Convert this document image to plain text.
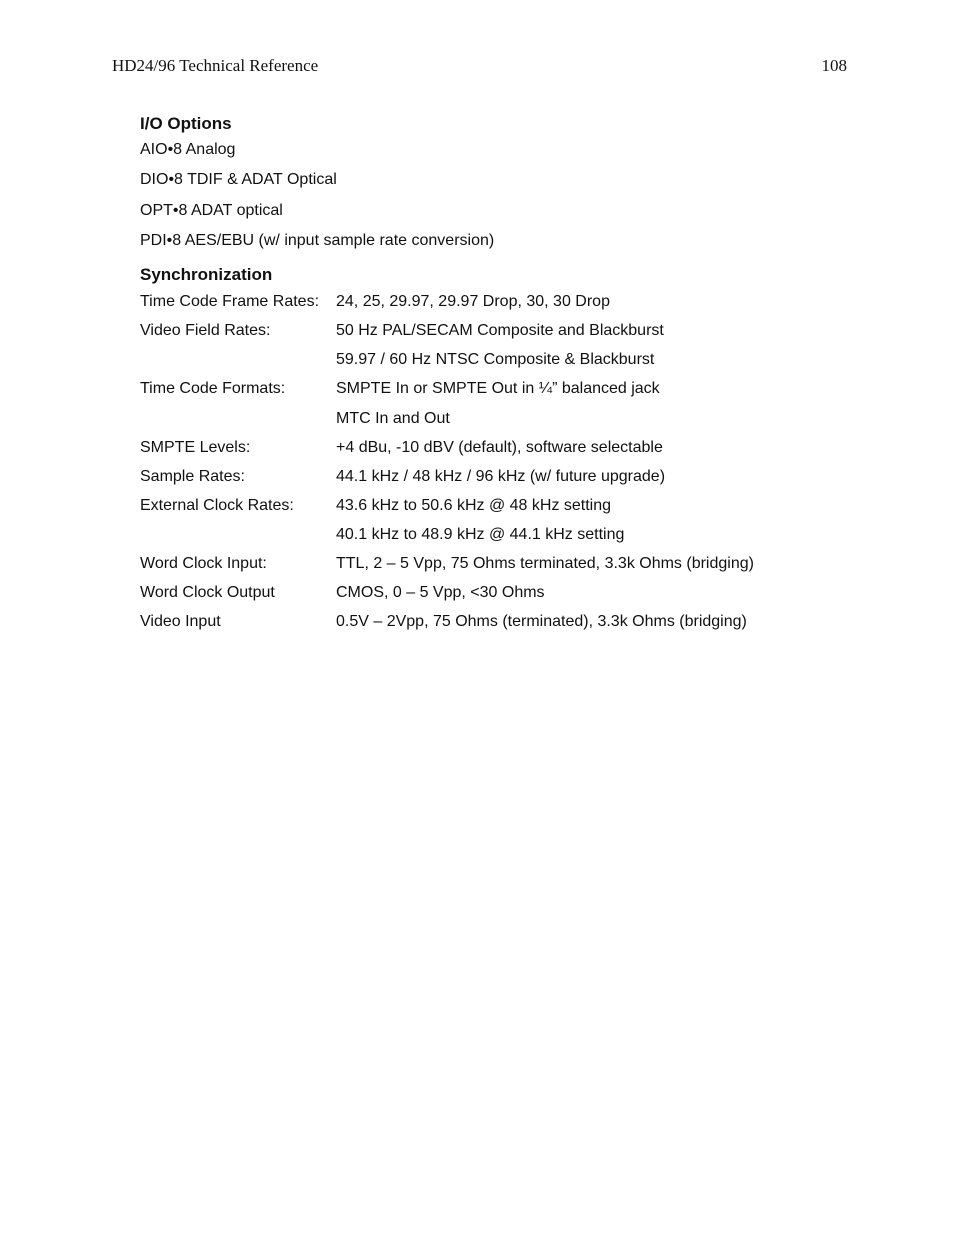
HD24/96 Technical Reference	108
I/O Options
AIO•8 Analog
DIO•8 TDIF & ADAT Optical
OPT•8 ADAT optical
PDI•8 AES/EBU (w/ input sample rate conversion)
Synchronization
Time Code Frame Rates:	24, 25, 29.97, 29.97 Drop, 30, 30 Drop
Video Field Rates:	50 Hz PAL/SECAM Composite and Blackburst
59.97 / 60 Hz NTSC Composite & Blackburst
Time Code Formats:	SMPTE In or SMPTE Out in ¼” balanced jack
MTC In and Out
SMPTE Levels:	+4 dBu, -10 dBV (default), software selectable
Sample Rates:	44.1 kHz / 48 kHz / 96 kHz (w/ future upgrade)
External Clock Rates:	43.6 kHz to 50.6 kHz @ 48 kHz setting
40.1 kHz to 48.9 kHz @ 44.1 kHz setting
Word Clock Input:	TTL, 2 – 5 Vpp, 75 Ohms terminated, 3.3k Ohms (bridging)
Word Clock Output	CMOS, 0 – 5 Vpp, <30 Ohms
Video Input	0.5V – 2Vpp, 75 Ohms (terminated), 3.3k Ohms (bridging)
